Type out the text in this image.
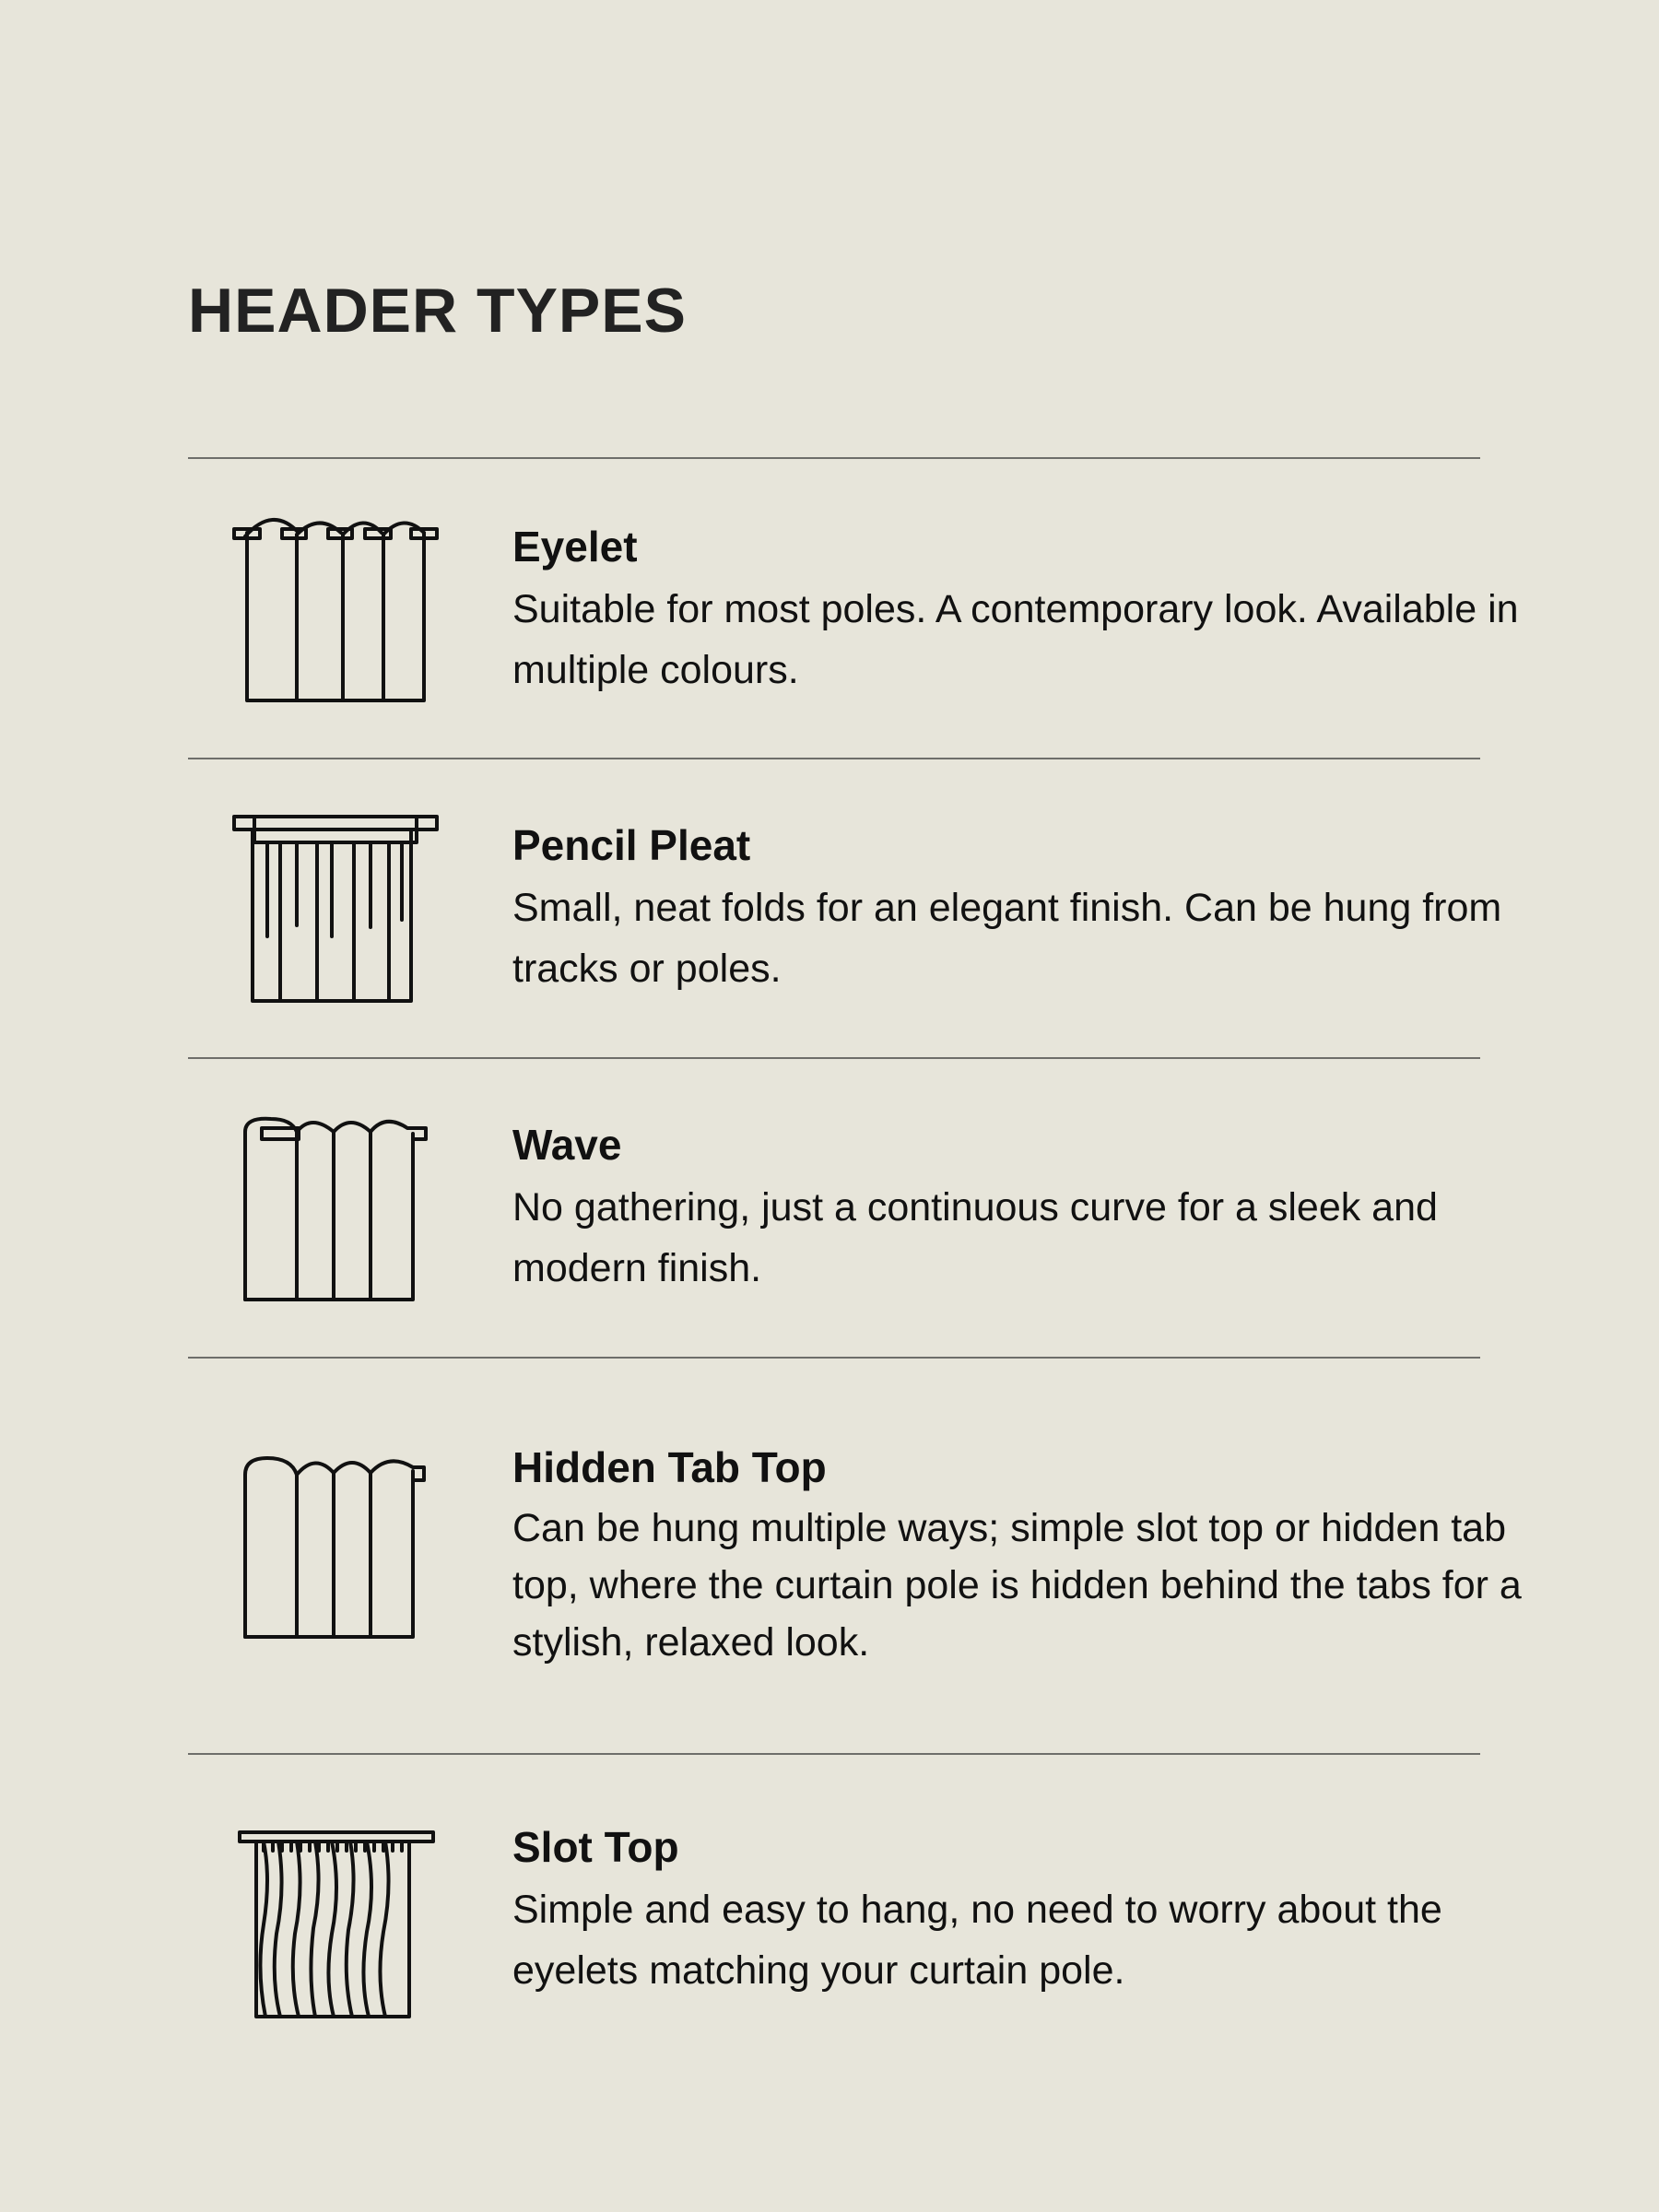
HEADER TYPES
Eyelet

Suitable for most poles. A contemporary look. Available in multiple colours.

Pencil Pleat

Small, neat folds for an elegant finish. Can be hung from tracks or poles.

Wave

No gathering, just a continuous curve for a sleek and modern finish.

Hidden Tab Top

Can be hung multiple ways; simple slot top or hidden tab top, where the curtain pole is hidden behind the tabs for a stylish, relaxed look.

Slot Top

Simple and easy to hang, no need to worry about the eyelets matching your curtain pole.
